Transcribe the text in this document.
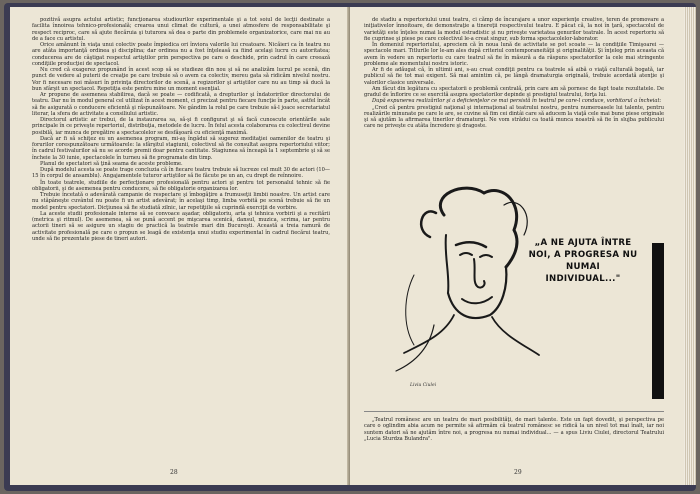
pozitivă asupra actului artistic; funcţionarea studiourilor experimentale şi a tot soiul de lecţii destinate a facilita înnoirea tehnico-profesională; crearea unui climat de cultură, a unei atmosfere de responsabilitate şi respect reciproc, care să ajute fiecăruia şi tuturora să dea o parte din problemele organizatorice, care mai nu au de a face cu artistul.

Orice amănunt în viaţa unui colectiv poate împiedica ori înviora valorile lui creatoare. Nicăieri ca în teatru nu are atâta importanţă ordinea şi disciplina; dar ordinea nu a fost înţeleasă ca fiind acelaşi lucru cu autoritatea; conducerea are de câştigat respectul artiştilor prin perspectiva pe care o deschide, prin cadrul în care creează condiţiile producţiei de spectacol.

Nu cred că exagerez propunând în acest scop să se studieze din nou şi să ne analizăm lucrul pe scenă, din punct de vedere al puterii de creaţie pe care trebuie să o avem ca colectiv, mereu gata să ridicăm nivelul nostru. Vor fi necesare noi măsuri în privinţa directorilor de scenă, a regizorilor şi artiştilor care nu au timp să ducă la bun sfârşit un spectacol. Repetiţia este pentru mine un moment esenţial.

Ar propune de asemenea stabilirea, dacă se poate — codificată, a drepturilor şi îndatoririlor directorului de teatru. Dar nu în modul general cel utilizat în acest moment, ci precizat pentru fiecare funcţie în parte, astfel încât să fie asigurată o conducere eficientă şi răspunzătoare. Ne gândim la rolul pe care trebuie să-l joace secretariatul literar, la sfera de activitate a consiliului artistic.

Directorul artistic ar trebui, de la instaurarea sa, să-şi fi configurat şi să facă cunoscute orientările sale principale în ce priveşte repertoriul, distribuţia, metodele de lucru. În felul acesta colaborarea cu colectivul devine posibilă, iar munca de pregătire a spectacolelor se desfăşoară cu eficienţă maximă.

Dacă ar fi să schiţez eu un asemenea program, mi-aş îngădui să sugerez meditaţiei oamenilor de teatru şi forurilor corespunzătoare următoarele: la sfârşitul stagiunii, colectivul să fie consultat asupra repertoriului viitor; în cadrul festivalurilor să nu se acorde premii doar pentru cantitate. Stagiunea să înceapă la 1 septembrie şi să se încheie la 30 iunie, spectacolele în turneu să fie programate din timp.

Planul de spectatori să ţină seama de aceste probleme.

După modelul acesta se poate trage concluzia că în fiecare teatru trebuie să lucreze cel mult 30 de actori (10—15 în corpul de ansamblu). Angajamentele tuturor artiştilor să fie făcute pe un an, cu drept de reînnoire.

În toate teatrele, studiile de perfecţionare profesională pentru actori şi pentru tot personalul tehnic să fie obligatorii, şi de asemenea pentru conducere, să fie obligatorie organizarea lor.

Trebuie încetată o adevărată campanie de respectare şi îmbogăţire a frumuseţii limbii noastre. Un artist care nu stăpâneşte cuvântul nu poate fi un artist adevărat; în acelaşi timp, limba vorbită pe scenă trebuie să fie un model pentru spectatori. Dicţiunea să fie studiată zilnic, iar repetiţiile să cuprindă exerciţii de vorbire.

La aceste studii profesionale interne să se convoace aşadar, obligatoriu, arta şi tehnica vorbirii şi a recitării (metrica şi ritmul). De asemenea, să se pună accent pe mişcarea scenică, dansul, muzica, scrima, iar pentru actorii tineri să se asigure un stagiu de practică la teatrele mari din Bucureşti. Această a treia ramură de activitate profesională pe care o propun se leagă de existenţa unui studiu experimental în cadrul fiecărui teatru, unde să fie prezentate piese de tineri autori.

28

de stadiu a repertoriului unui teatru, ci cămp de încurajare a unor experienţe creative, teren de promovare a iniţiativelor înnoitoare, de demonstraţie a tinereţii respectivului teatru. E păcat că, la noi în ţară, spectacolul de varietăţi este înţeles numai la modul estradistic şi nu priveşte varietatea genurilor teatrale. În acest repertoriu să fie cuprinse şi piese pe care colectivul le-a creat singur, sub forma spectacolelor-laborator.

În domeniul repertoriului, apreciem că în noua lună de activitate se pot scoate — la condiţiile Timişoarei — spectacole mari. Titlurile lor le-am ales după criteriul contemporaneităţii şi originalităţii. Şi înţeleg prin aceasta că avem în vedere un repertoriu cu care teatrul să fie în măsură a da răspuns spectatorilor la cele mai stringente probleme ale momentului nostru istoric.

Ar fi de adăugat că, în ultimii ani, s-au creat condiţii pentru ca teatrele să aibă o viaţă culturală bogată, iar publicul să fie tot mai exigent. Să mai amintim că, pe lângă dramaturgia originală, trebuie acordată atenţie şi valorilor clasice universale.

Am făcut din legătura cu spectatorii o problemă centrală, prin care am să pornesc de fapt toate rezultatele. De gradul de înflorire ce se exercită asupra spectatorilor depinde şi prestigiul teatrului, forţa lui.

După expunerea realizărilor şi a deficienţelor ce mai persistă în teatrul pe care-l conduce, vorbitorul a încheiat:

„Cred că pentru prestigiul naţional şi internaţional al teatrului nostru, pentru numeroasele lui talente, pentru realizările minunate pe care le are, se cuvine să fim cei dintâi care să aducem la viaţă cele mai bune piese originale şi să ajutăm la afirmarea tinerilor dramaturgi. Ne vom strădui ca toată munca noastră să fie în slujba publicului care ne priveşte cu atâta încredere şi dragoste.

Liviu Ciulei
„A NE AJUTA ÎNTRE NOI, A PROGRESA NU NUMAI INDIVIDUAL..."

„Teatrul românesc are un teatru de mari posibilităţi, de mari talente. Este un fapt dovedit, şi perspectiva pe care o oglindim abia acum ne permite să afirmăm că teatrul românesc se ridică la un nivel tot mai înalt, iar noi suntem datori să ne ajutăm între noi, a progresa nu numai individual... — a spus Liviu Ciulei, directorul Teatrului „Lucia Sturdza Bulandra".

29
